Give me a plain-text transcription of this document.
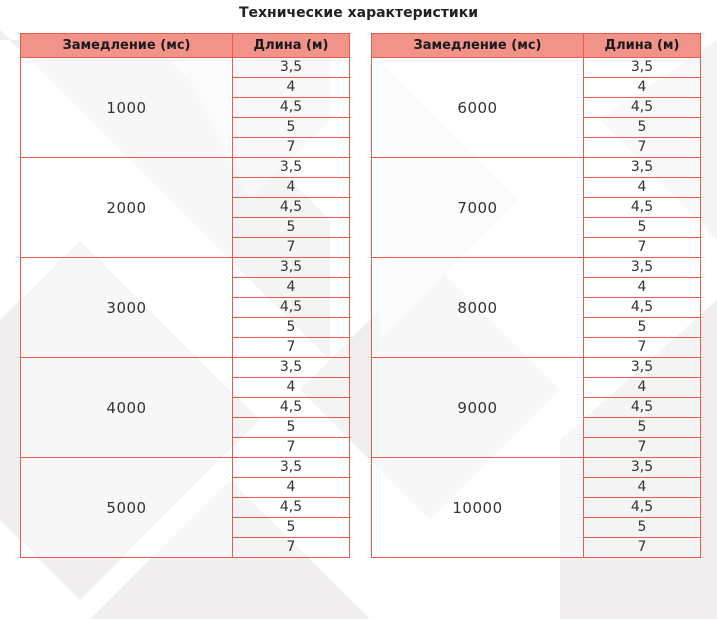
Технические характеристики
Замедление (мс)	Длина (м)
1000	3,5
	4
	4,5
	5
	7
2000	3,5
	4
	4,5
	5
	7
3000	3,5
	4
	4,5
	5
	7
4000	3,5
	4
	4,5
	5
	7
5000	3,5
	4
	4,5
	5
	7
Замедление (мс)	Длина (м)
6000	3,5
	4
	4,5
	5
	7
7000	3,5
	4
	4,5
	5
	7
8000	3,5
	4
	4,5
	5
	7
9000	3,5
	4
	4,5
	5
	7
10000	3,5
	4
	4,5
	5
	7
